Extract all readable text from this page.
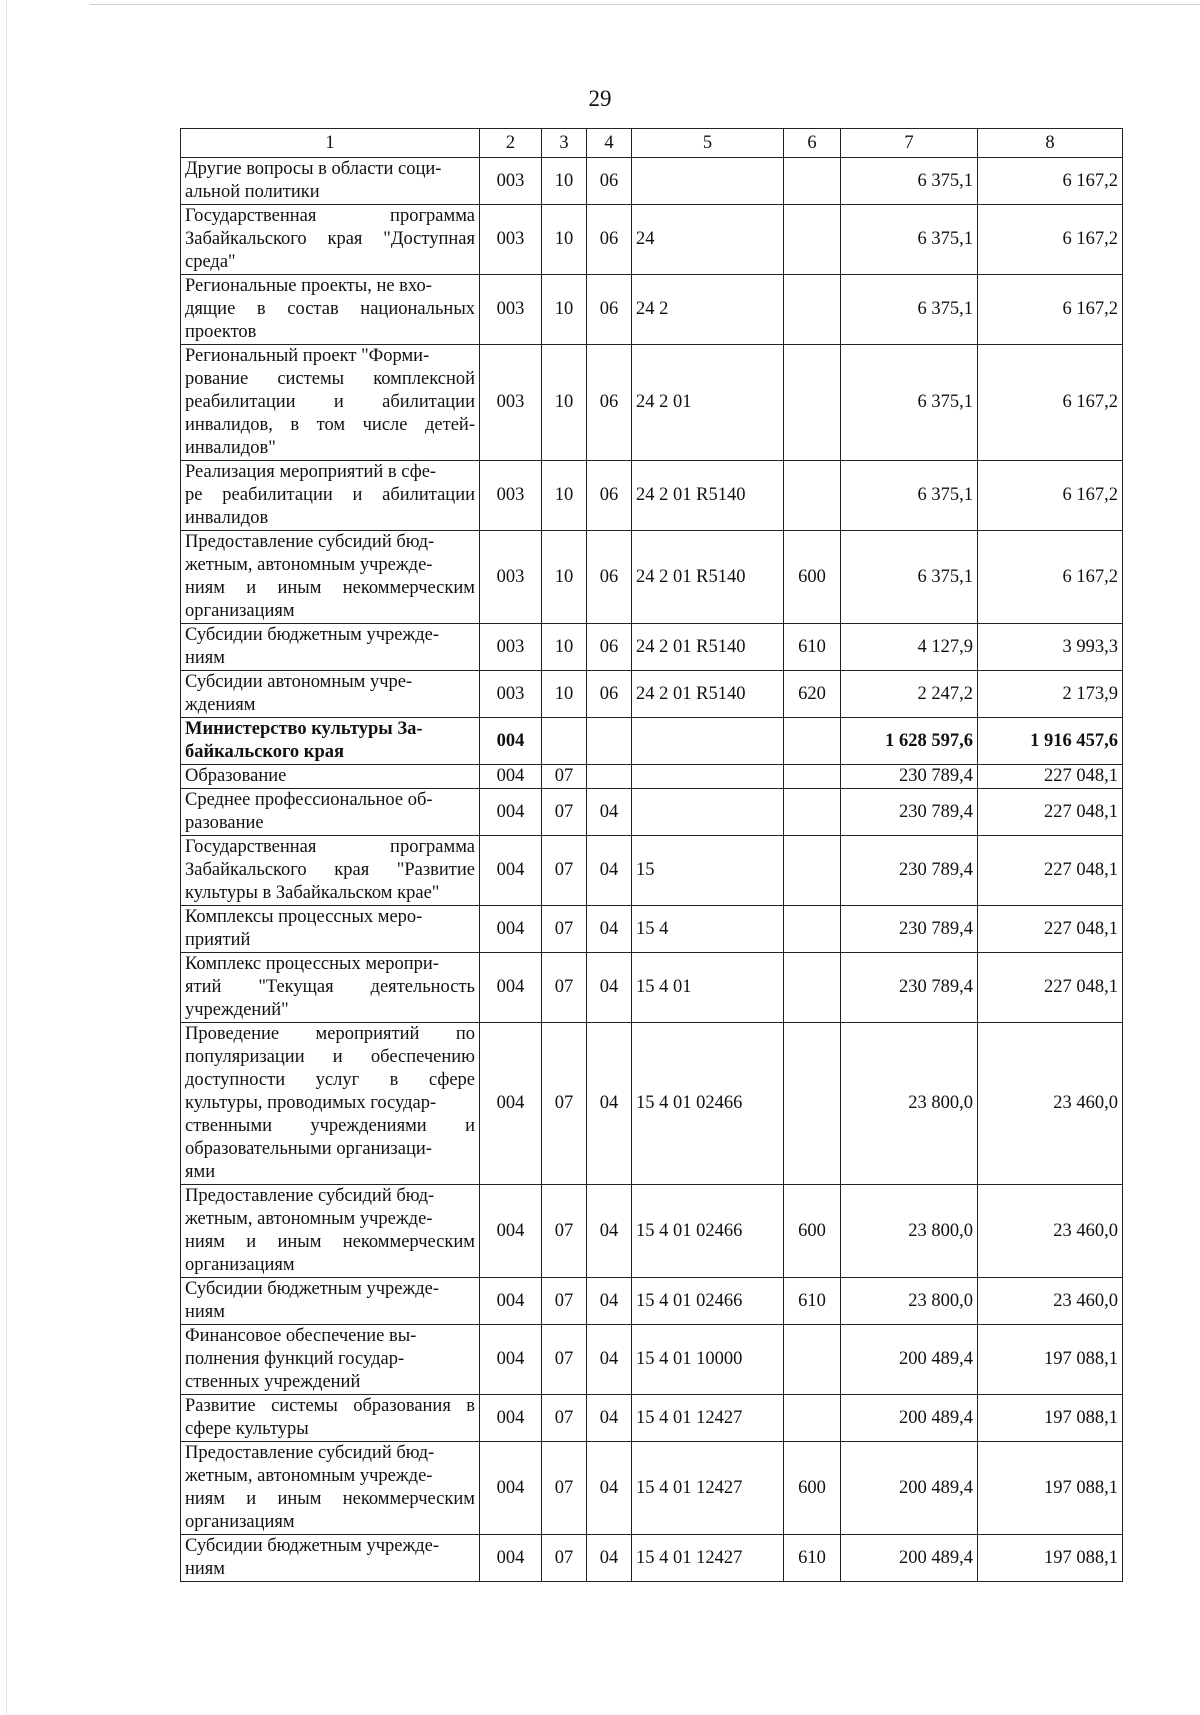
29
1	2	3	4	5	6	7	8
Другие вопросы в области соци-
альной политики	003	10	06			6 375,1	6 167,2
Государственная программа Забайкальского края "Доступная среда"	003	10	06	24		6 375,1	6 167,2
Региональные проекты, не вхо-
дящие в состав национальных проектов	003	10	06	24 2		6 375,1	6 167,2
Региональный проект "Форми-
рование системы комплексной реабилитации и абилитации инвалидов, в том числе детей-инвалидов"	003	10	06	24 2 01		6 375,1	6 167,2
Реализация мероприятий в сфе-
ре реабилитации и абилитации инвалидов	003	10	06	24 2 01 R5140		6 375,1	6 167,2
Предоставление субсидий бюд-
жетным, автономным учрежде-
ниям и иным некоммерческим организациям	003	10	06	24 2 01 R5140	600	6 375,1	6 167,2
Субсидии бюджетным учрежде-
ниям	003	10	06	24 2 01 R5140	610	4 127,9	3 993,3
Субсидии автономным учре-
ждениям	003	10	06	24 2 01 R5140	620	2 247,2	2 173,9
Министерство культуры За-
байкальского края	004					1 628 597,6	1 916 457,6
Образование	004	07				230 789,4	227 048,1
Среднее профессиональное об-
разование	004	07	04			230 789,4	227 048,1
Государственная программа Забайкальского края "Развитие культуры в Забайкальском крае"	004	07	04	15		230 789,4	227 048,1
Комплексы процессных меро-
приятий	004	07	04	15 4		230 789,4	227 048,1
Комплекс процессных меропри-
ятий "Текущая деятельность учреждений"	004	07	04	15 4 01		230 789,4	227 048,1
Проведение мероприятий по популяризации и обеспечению доступности услуг в сфере культуры, проводимых государ-
ственными учреждениями и образовательными организаци-
ями	004	07	04	15 4 01 02466		23 800,0	23 460,0
Предоставление субсидий бюд-
жетным, автономным учрежде-
ниям и иным некоммерческим организациям	004	07	04	15 4 01 02466	600	23 800,0	23 460,0
Субсидии бюджетным учрежде-
ниям	004	07	04	15 4 01 02466	610	23 800,0	23 460,0
Финансовое обеспечение вы-
полнения функций государ-
ственных учреждений	004	07	04	15 4 01 10000		200 489,4	197 088,1
Развитие системы образования в сфере культуры	004	07	04	15 4 01 12427		200 489,4	197 088,1
Предоставление субсидий бюд-
жетным, автономным учрежде-
ниям и иным некоммерческим организациям	004	07	04	15 4 01 12427	600	200 489,4	197 088,1
Субсидии бюджетным учрежде-
ниям	004	07	04	15 4 01 12427	610	200 489,4	197 088,1
